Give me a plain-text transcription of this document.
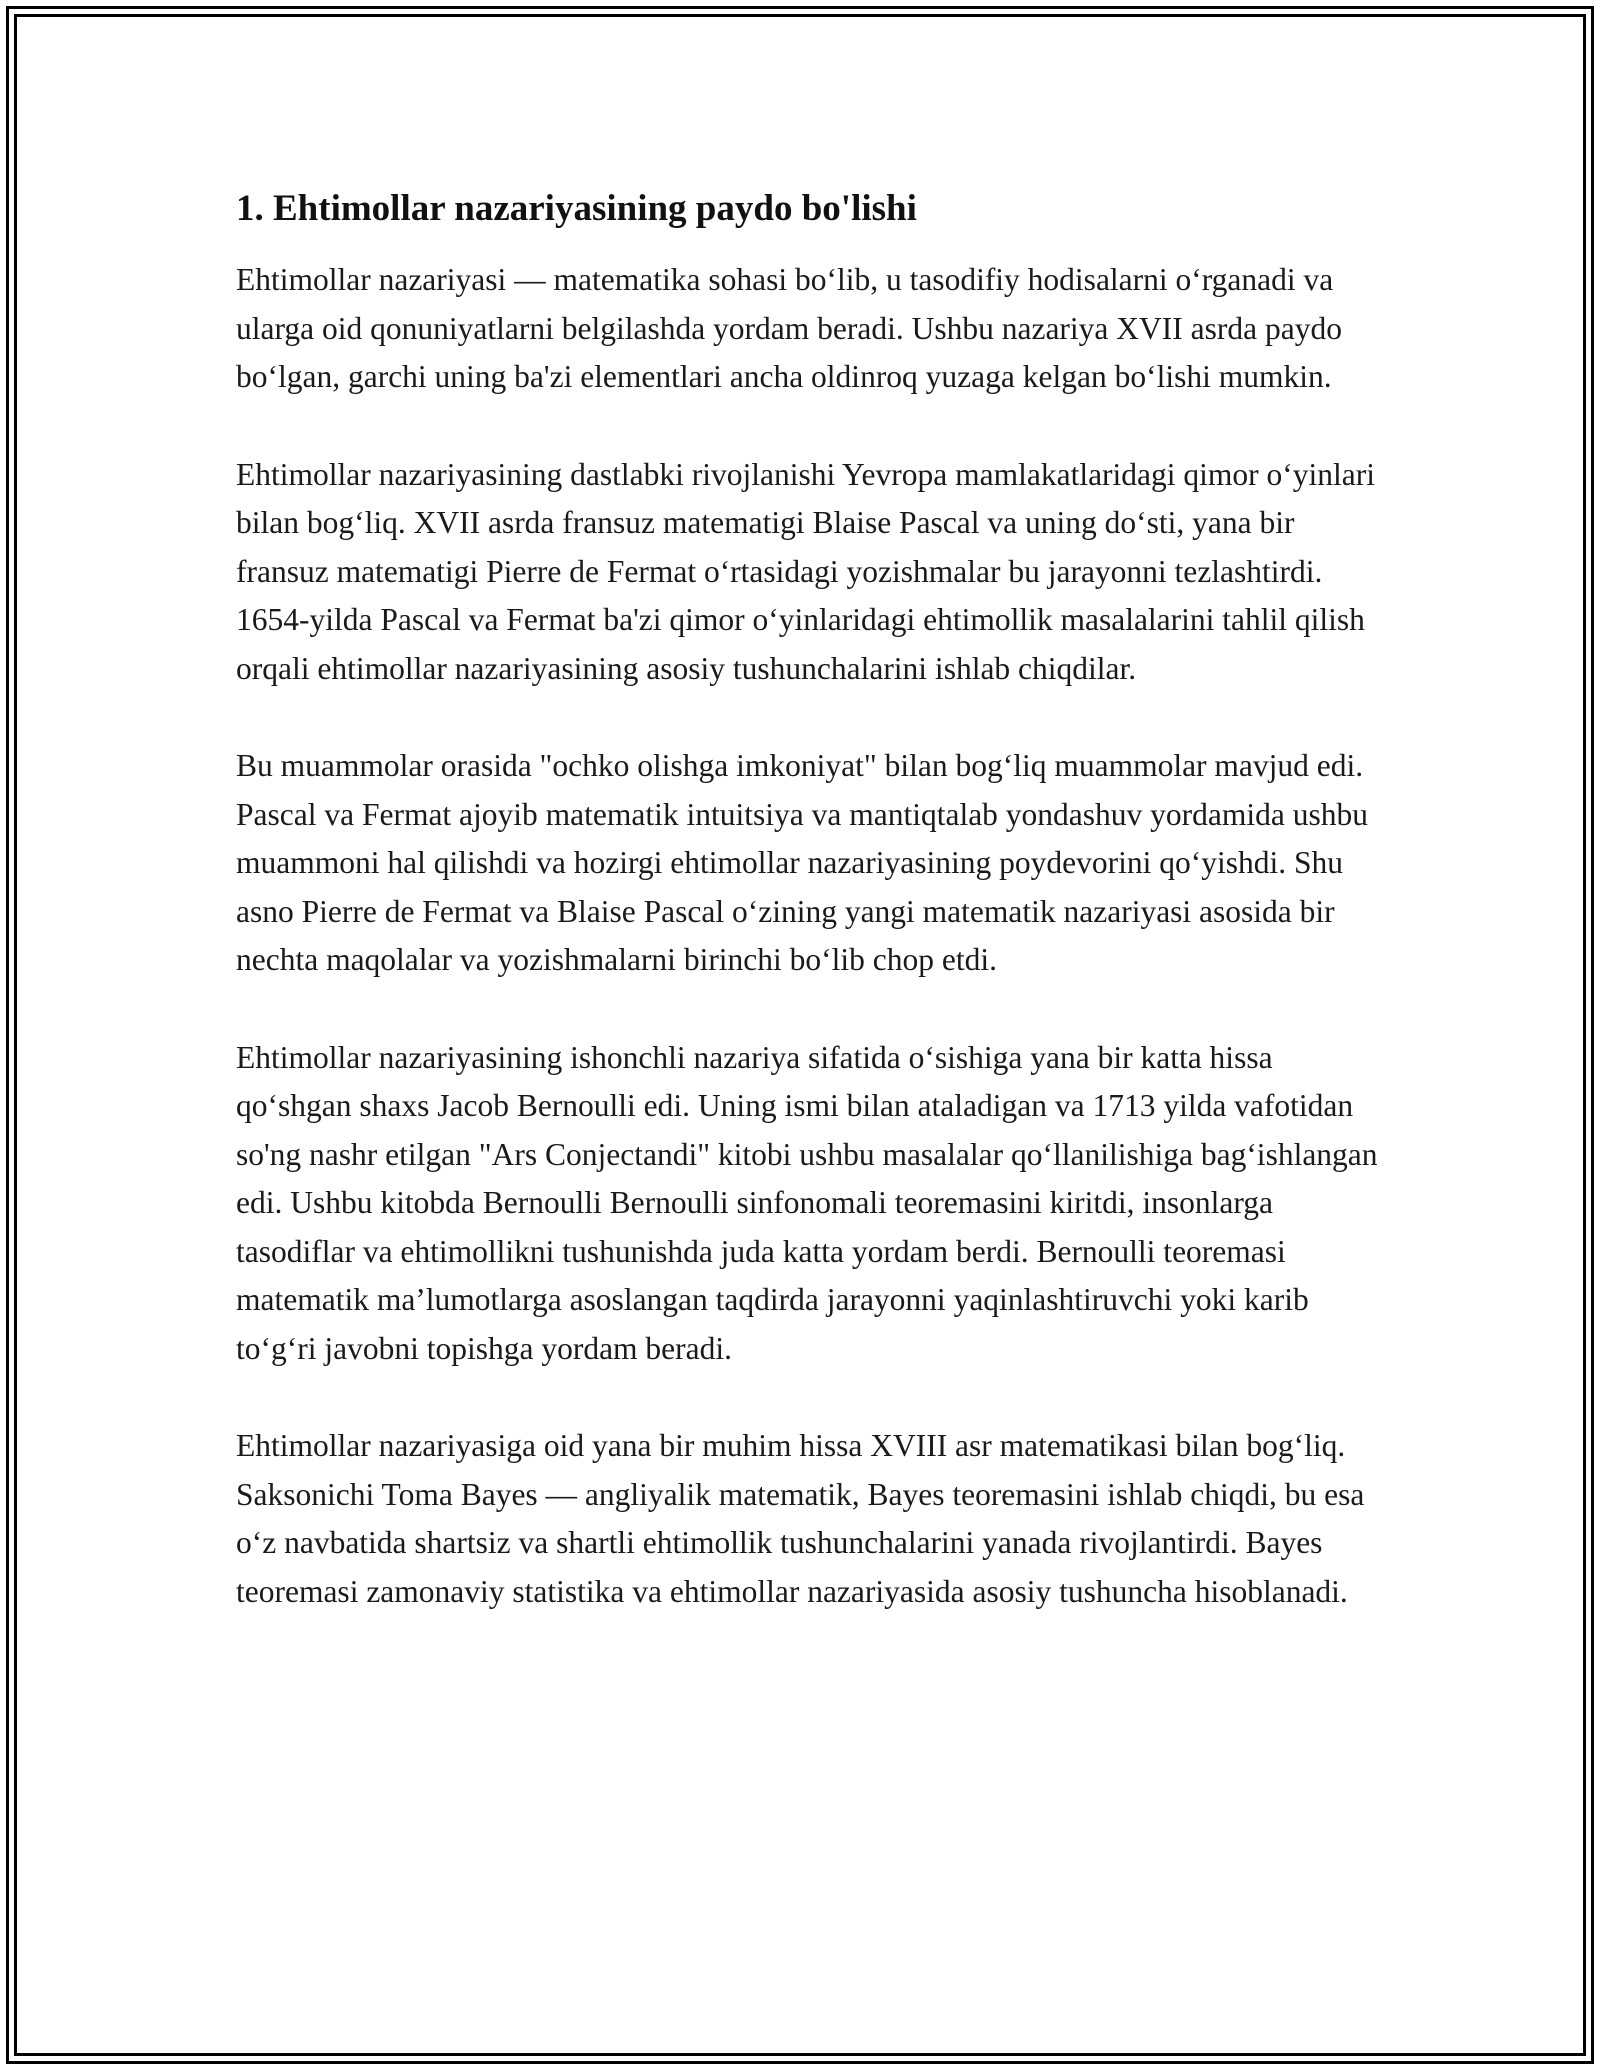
1. Ehtimollar nazariyasining paydo bo'lishi

Ehtimollar nazariyasi — matematika sohasi bo‘lib, u tasodifiy hodisalarni o‘rganadi va ularga oid qonuniyatlarni belgilashda yordam beradi. Ushbu nazariya XVII asrda paydo bo‘lgan, garchi uning ba'zi elementlari ancha oldinroq yuzaga kelgan bo‘lishi mumkin.

Ehtimollar nazariyasining dastlabki rivojlanishi Yevropa mamlakatlaridagi qimor o‘yinlari bilan bog‘liq. XVII asrda fransuz matematigi Blaise Pascal va uning do‘sti, yana bir fransuz matematigi Pierre de Fermat o‘rtasidagi yozishmalar bu jarayonni tezlashtirdi. 1654-yilda Pascal va Fermat ba'zi qimor o‘yinlaridagi ehtimollik masalalarini tahlil qilish orqali ehtimollar nazariyasining asosiy tushunchalarini ishlab chiqdilar.

Bu muammolar orasida "ochko olishga imkoniyat" bilan bog‘liq muammolar mavjud edi. Pascal va Fermat ajoyib matematik intuitsiya va mantiqtalab yondashuv yordamida ushbu muammoni hal qilishdi va hozirgi ehtimollar nazariyasining poydevorini qo‘yishdi. Shu asno Pierre de Fermat va Blaise Pascal o‘zining yangi matematik nazariyasi asosida bir nechta maqolalar va yozishmalarni birinchi bo‘lib chop etdi.

Ehtimollar nazariyasining ishonchli nazariya sifatida o‘sishiga yana bir katta hissa qo‘shgan shaxs Jacob Bernoulli edi. Uning ismi bilan ataladigan va 1713 yilda vafotidan so'ng nashr etilgan "Ars Conjectandi" kitobi ushbu masalalar qo‘llanilishiga bag‘ishlangan edi. Ushbu kitobda Bernoulli Bernoulli sinfonomali teoremasini kiritdi, insonlarga tasodiflar va ehtimollikni tushunishda juda katta yordam berdi. Bernoulli teoremasi matematik ma’lumotlarga asoslangan taqdirda jarayonni yaqinlashtiruvchi yoki karib to‘g‘ri javobni topishga yordam beradi.

Ehtimollar nazariyasiga oid yana bir muhim hissa XVIII asr matematikasi bilan bog‘liq. Saksonichi Toma Bayes — angliyalik matematik, Bayes teoremasini ishlab chiqdi, bu esa o‘z navbatida shartsiz va shartli ehtimollik tushunchalarini yanada rivojlantirdi. Bayes teoremasi zamonaviy statistika va ehtimollar nazariyasida asosiy tushuncha hisoblanadi.
